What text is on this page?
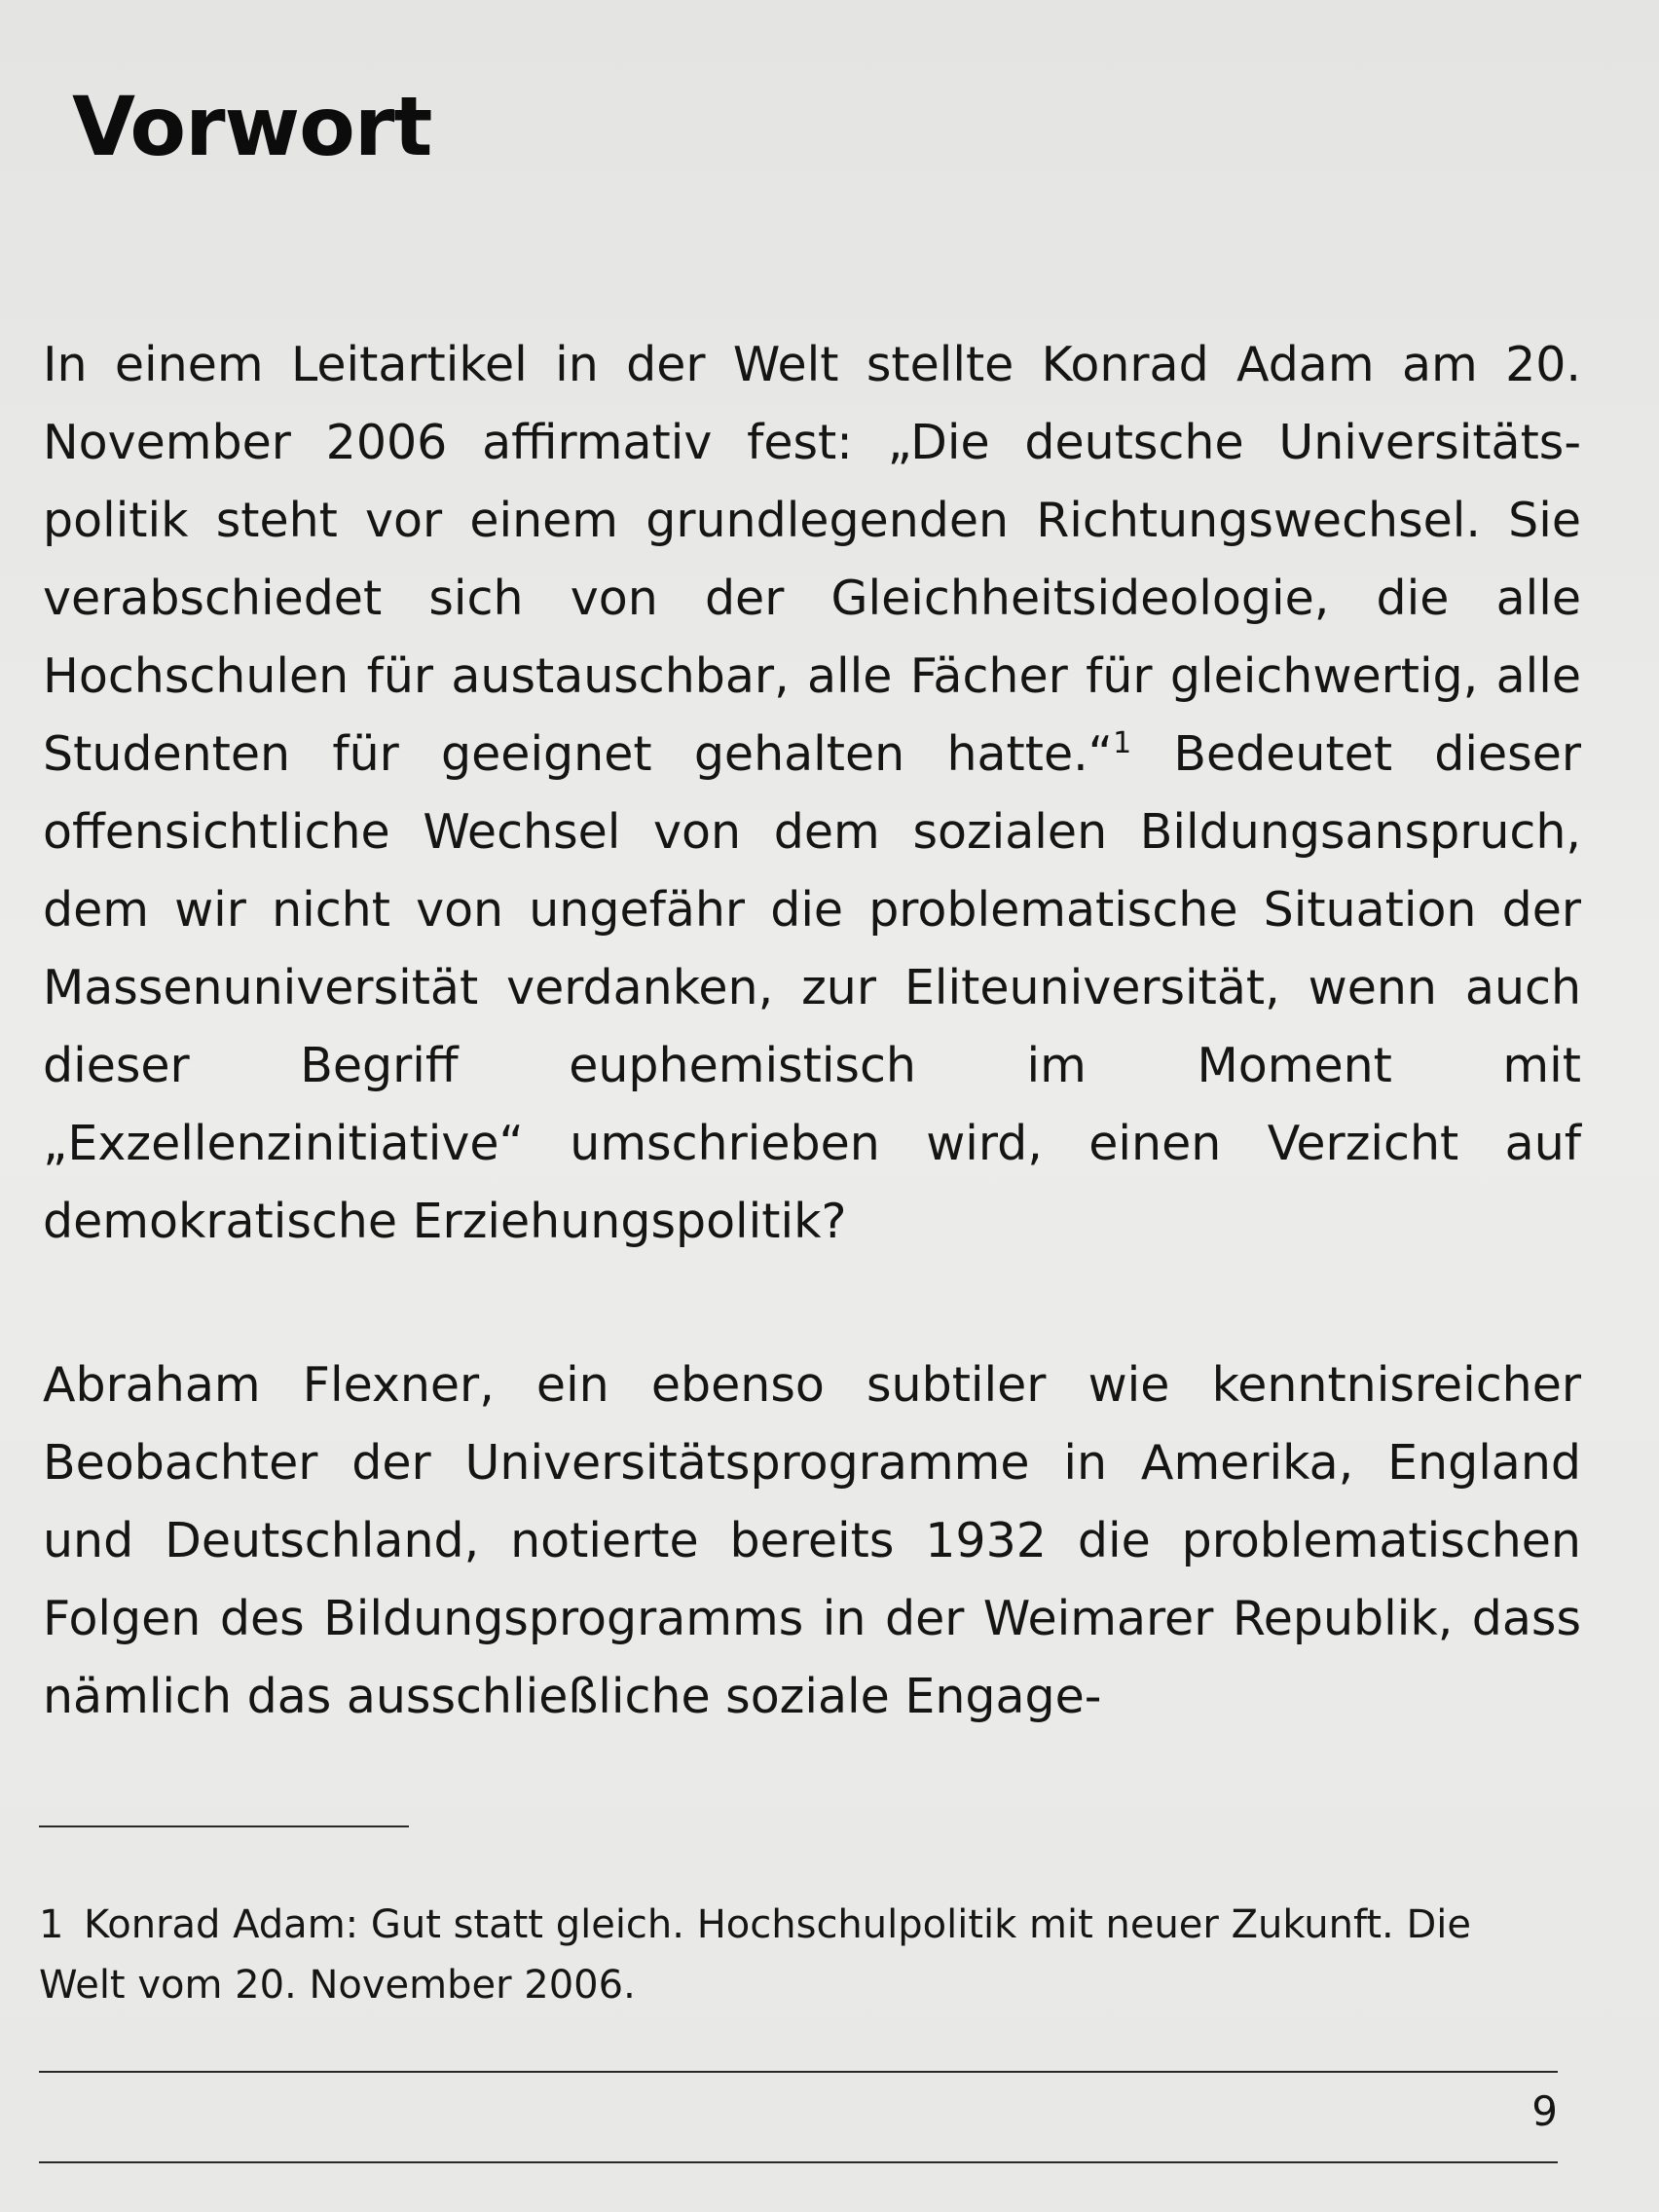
Vorwort

In einem Leitartikel in der Welt stellte Konrad Adam am 20. November 2006 affirmativ fest: „Die deutsche Universitätspolitik steht vor einem grundlegenden Richtungswechsel. Sie verabschiedet sich von der Gleichheitsideologie, die alle Hochschulen für austauschbar, alle Fächer für gleichwertig, alle Studenten für geeignet gehalten hatte.“$^1$ Bedeutet dieser offensichtliche Wechsel von dem sozialen Bildungsanspruch, dem wir nicht von ungefähr die problematische Situation der Massenuniversität verdanken, zur Eliteuniversität, wenn auch dieser Begriff euphemistisch im Moment mit „Exzellenzinitiative“ umschrieben wird, einen Verzicht auf demokratische Erziehungspolitik?

Abraham Flexner, ein ebenso subtiler wie kenntnisreicher Beobachter der Universitätsprogramme in Amerika, England und Deutschland, notierte bereits 1932 die problematischen Folgen des Bildungsprogramms in der Weimarer Republik, dass nämlich das ausschließliche soziale Engage-

1 Konrad Adam: Gut statt gleich. Hochschulpolitik mit neuer Zukunft. Die Welt vom 20. November 2006.

9
